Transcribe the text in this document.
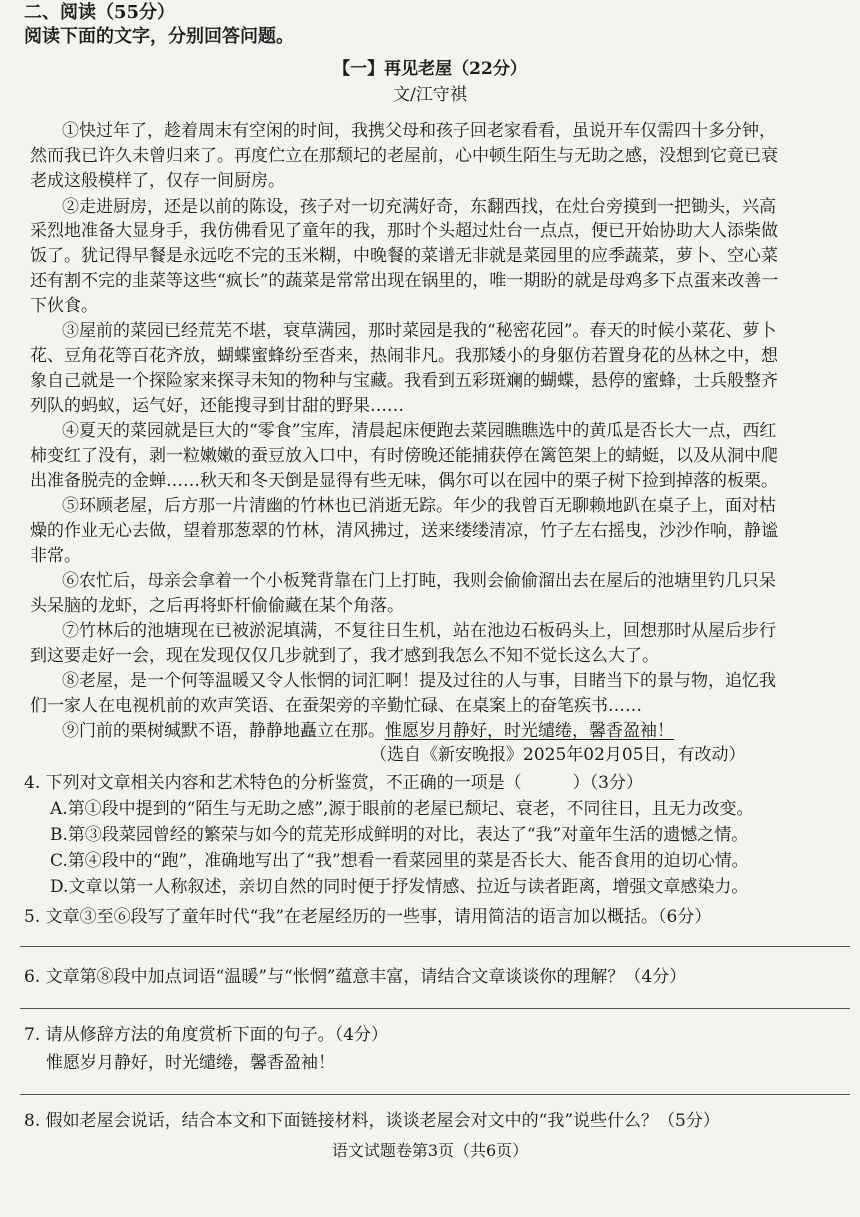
二、阅读（55分）
阅读下面的文字，分别回答问题。
【一】再见老屋（22分）
文/江守祺
①快过年了，趁着周末有空闲的时间，我携父母和孩子回老家看看，虽说开车仅需四十多分钟，
然而我已许久未曾归来了。再度伫立在那颓圮的老屋前，心中顿生陌生与无助之感，没想到它竟已衰
老成这般模样了，仅存一间厨房。
②走进厨房，还是以前的陈设，孩子对一切充满好奇，东翻西找，在灶台旁摸到一把锄头，兴高
采烈地准备大显身手，我仿佛看见了童年的我，那时个头超过灶台一点点，便已开始协助大人添柴做
饭了。犹记得早餐是永远吃不完的玉米糊，中晚餐的菜谱无非就是菜园里的应季蔬菜，萝卜、空心菜
还有割不完的韭菜等这些“疯长”的蔬菜是常常出现在锅里的，唯一期盼的就是母鸡多下点蛋来改善一
下伙食。
③屋前的菜园已经荒芜不堪，衰草满园，那时菜园是我的“秘密花园”。春天的时候小菜花、萝卜
花、豆角花等百花齐放，蝴蝶蜜蜂纷至沓来，热闹非凡。我那矮小的身躯仿若置身花的丛林之中，想
象自己就是一个探险家来探寻未知的物种与宝藏。我看到五彩斑斓的蝴蝶，悬停的蜜蜂，士兵般整齐
列队的蚂蚁，运气好，还能搜寻到甘甜的野果……
④夏天的菜园就是巨大的“零食”宝库，清晨起床便跑去菜园瞧瞧选中的黄瓜是否长大一点，西红
柿变红了没有，剥一粒嫩嫩的蚕豆放入口中，有时傍晚还能捕获停在篱笆架上的蜻蜓，以及从洞中爬
出准备脱壳的金蝉……秋天和冬天倒是显得有些无味，偶尔可以在园中的栗子树下捡到掉落的板栗。
⑤环顾老屋，后方那一片清幽的竹林也已消逝无踪。年少的我曾百无聊赖地趴在桌子上，面对枯
燥的作业无心去做，望着那葱翠的竹林，清风拂过，送来缕缕清凉，竹子左右摇曳，沙沙作响，静谧
非常。
⑥农忙后，母亲会拿着一个小板凳背靠在门上打盹，我则会偷偷溜出去在屋后的池塘里钓几只呆
头呆脑的龙虾，之后再将虾杆偷偷藏在某个角落。
⑦竹林后的池塘现在已被淤泥填满，不复往日生机，站在池边石板码头上，回想那时从屋后步行
到这要走好一会，现在发现仅仅几步就到了，我才感到我怎么不知不觉长这么大了。
⑧老屋，是一个何等温暖又令人怅惘的词汇啊！提及过往的人与事，目睹当下的景与物，追忆我
们一家人在电视机前的欢声笑语、在蚕架旁的辛勤忙碌、在桌案上的奋笔疾书……
⑨门前的栗树缄默不语，静静地矗立在那。惟愿岁月静好，时光缱绻，馨香盈袖！
（选自《新安晚报》2025年02月05日，有改动）
4. 下列对文章相关内容和艺术特色的分析鉴赏，不正确的一项是（　　　）（3分）
A.第①段中提到的“陌生与无助之感”,源于眼前的老屋已颓圮、衰老，不同往日，且无力改变。
B.第③段菜园曾经的繁荣与如今的荒芜形成鲜明的对比，表达了“我”对童年生活的遗憾之情。
C.第④段中的“跑”，准确地写出了“我”想看一看菜园里的菜是否长大、能否食用的迫切心情。
D.文章以第一人称叙述，亲切自然的同时便于抒发情感、拉近与读者距离，增强文章感染力。
5. 文章③至⑥段写了童年时代“我”在老屋经历的一些事，请用简洁的语言加以概括。（6分）
6. 文章第⑧段中加点词语“温暖”与“怅惘”蕴意丰富，请结合文章谈谈你的理解？（4分）
7. 请从修辞方法的角度赏析下面的句子。（4分）
惟愿岁月静好，时光缱绻，馨香盈袖！
8. 假如老屋会说话，结合本文和下面链接材料，谈谈老屋会对文中的“我”说些什么？（5分）
语文试题卷第3页（共6页）
